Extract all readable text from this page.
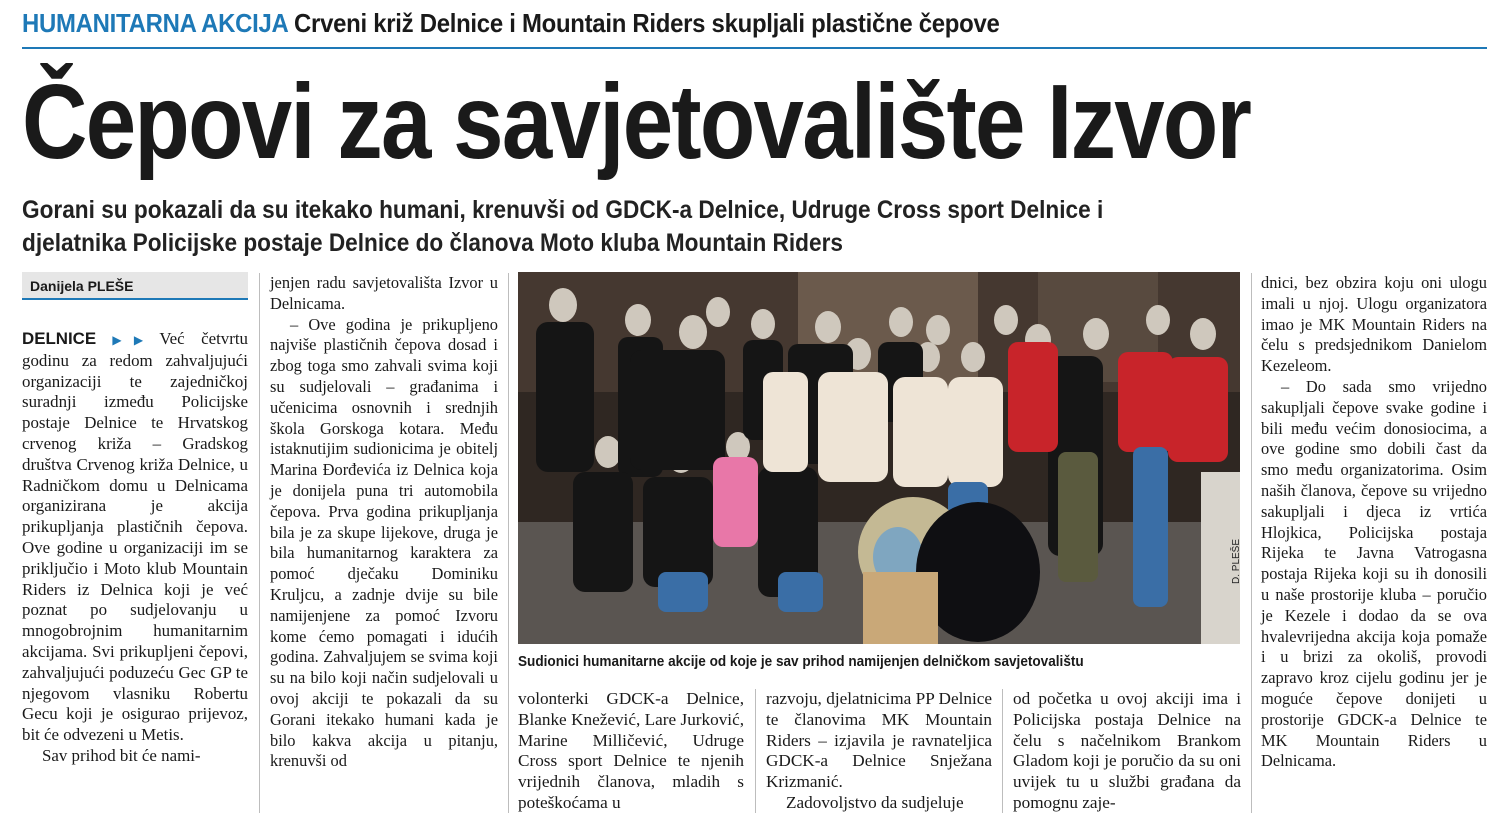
HUMANITARNA AKCIJA Crveni križ Delnice i Mountain Riders skupljali plastične čepove
Čepovi za savjetovalište Izvor
Gorani su pokazali da su itekako humani, krenuvši od GDCK-a Delnice, Udruge Cross sport Delnice i
djelatnika Policijske postaje Delnice do članova Moto kluba Mountain Riders
Danijela PLEŠE

DELNICE ▶▶ Već četvrtu godinu za redom zahvaljujući organizaciji te zajedničkoj suradnji između Policijske postaje Delnice te Hrvatskog crvenog križa – Gradskog društva Crvenog križa Delnice, u Radničkom domu u Delnicama organizirana je akcija prikupljanja plastičnih čepova. Ove godine u organizaciji im se priključio i Moto klub Mountain Riders iz Delnica koji je već poznat po sudjelovanju u mnogobrojnim humanitarnim akcijama. Svi prikupljeni čepovi, zahvaljujući poduzeću Gec GP te njegovom vlasniku Robertu Gecu koji je osigurao prijevoz, bit će odvezeni u Metis.

Sav prihod bit će nami-

jenjen radu savjetovališta Izvor u Delnicama.

– Ove godina je prikupljeno najviše plastičnih čepova dosad i zbog toga smo zahvali svima koji su sudjelovali – građanima i učenicima osnovnih i srednjih škola Gorskoga kotara. Među istaknutijim sudionicima je obitelj Marina Đorđevića iz Delnica koja je donijela puna tri automobila čepova. Prva godina prikupljanja bila je za skupe lijekove, druga je bila humanitarnog karaktera za pomoć dječaku Dominiku Kruljcu, a zadnje dvije su bile namijenjene za pomoć Izvoru kome ćemo pomagati i idućih godina. Zahvaljujem se svima koji su na bilo koji način sudjelovali u ovoj akciji te pokazali da su Gorani itekako humani kada je bilo kakva akcija u pitanju, krenuvši od

D. PLEŠE
Sudionici humanitarne akcije od koje je sav prihod namijenjen delničkom savjetovalištu

volonterki GDCK-a Delnice, Blanke Knežević, Lare Jurković, Marine Milličević, Udruge Cross sport Delnice te njenih vrijednih članova, mladih s poteškoćama u

razvoju, djelatnicima PP Delnice te članovima MK Mountain Riders – izjavila je ravnateljica GDCK-a Delnice Snježana Krizmanić.

Zadovoljstvo da sudjeluje

od početka u ovoj akciji ima i Policijska postaja Delnice na čelu s načelnikom Brankom Gladom koji je poručio da su oni uvijek tu u službi građana da pomognu zaje-

dnici, bez obzira koju oni ulogu imali u njoj. Ulogu organizatora imao je MK Mountain Riders na čelu s predsjednikom Danielom Kezeleom.

– Do sada smo vrijedno sakupljali čepove svake godine i bili među većim donosiocima, a ove godine smo dobili čast da smo među organizatorima. Osim naših članova, čepove su vrijedno sakupljali i djeca iz vrtića Hlojkica, Policijska postaja Rijeka te Javna Vatrogasna postaja Rijeka koji su ih donosili u naše prostorije kluba – poručio je Kezele i dodao da se ova hvalevrijedna akcija koja pomaže i u brizi za okoliš, provodi zapravo kroz cijelu godinu jer je moguće čepove donijeti u prostorije GDCK-a Delnice te MK Mountain Riders u Delnicama.
